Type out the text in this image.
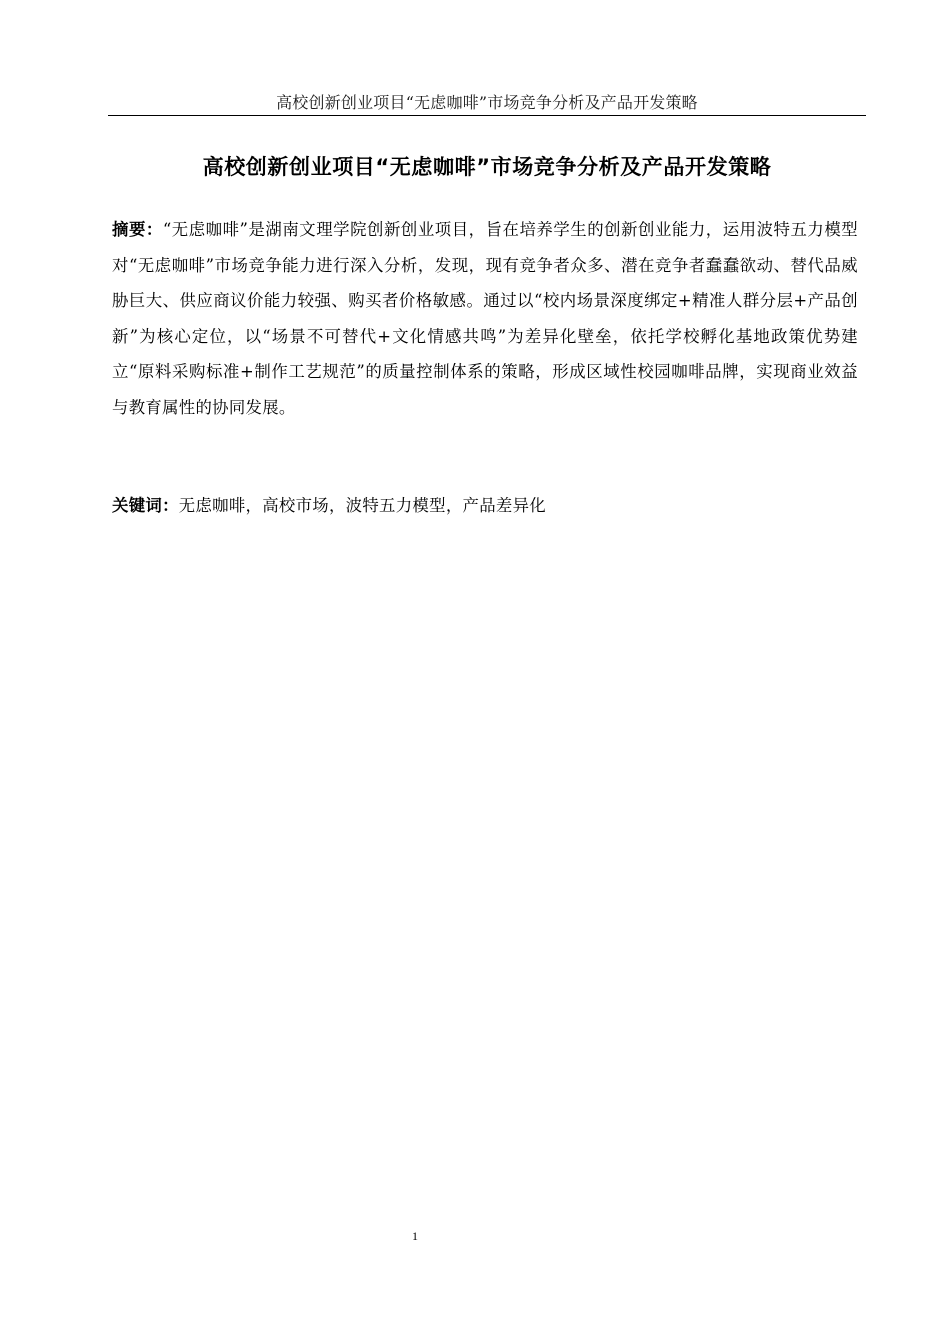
高校创新创业项目“无虑咖啡”市场竞争分析及产品开发策略
高校创新创业项目“无虑咖啡”市场竞争分析及产品开发策略

摘要：“无虑咖啡”是湖南文理学院创新创业项目，旨在培养学生的创新创业能力，运用波特五力模型对“无虑咖啡”市场竞争能力进行深入分析，发现，现有竞争者众多、潜在竞争者蠢蠢欲动、替代品威胁巨大、供应商议价能力较强、购买者价格敏感。通过以“校内场景深度绑定+精准人群分层+产品创新”为核心定位，以“场景不可替代+文化情感共鸣”为差异化壁垒，依托学校孵化基地政策优势建立“原料采购标准+制作工艺规范”的质量控制体系的策略，形成区域性校园咖啡品牌，实现商业效益与教育属性的协同发展。

关键词：无虑咖啡，高校市场，波特五力模型，产品差异化

1
